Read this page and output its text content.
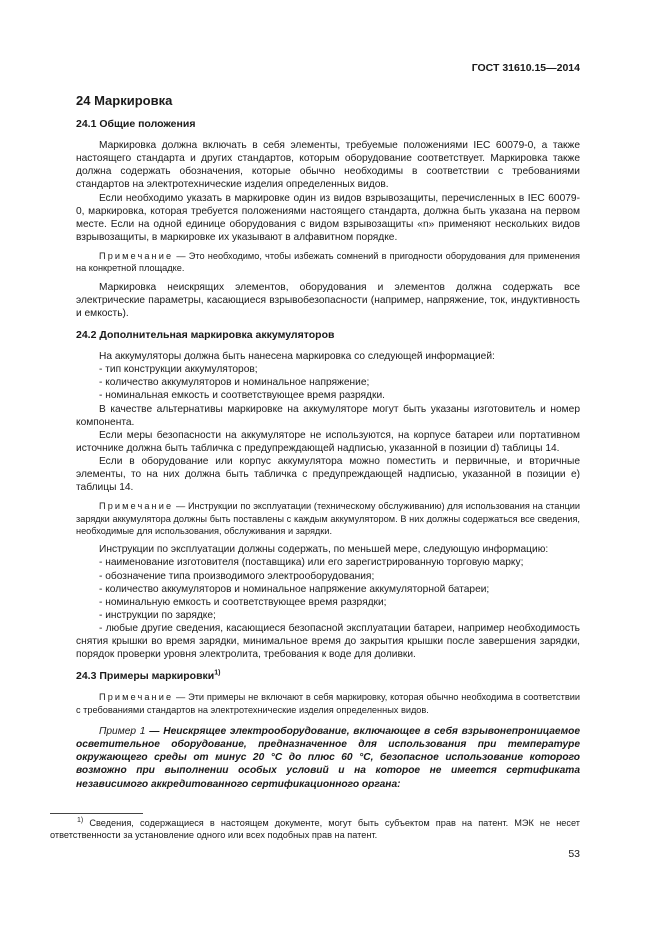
ГОСТ 31610.15—2014
24 Маркировка
24.1 Общие положения

Маркировка должна включать в себя элементы, требуемые положениями IEC 60079-0, а также настоящего стандарта и других стандартов, которым оборудование соответствует. Маркировка также должна содержать обозначения, которые обычно необходимы в соответствии с требованиями стандартов на электротехнические изделия определенных видов.

Если необходимо указать в маркировке один из видов взрывозащиты, перечисленных в IEC 60079-0, маркировка, которая требуется положениями настоящего стандарта, должна быть указана на первом месте. Если на одной единице оборудования с видом взрывозащиты «n» применяют нескольких видов взрывозащиты, в маркировке их указывают в алфавитном порядке.

Примечание — Это необходимо, чтобы избежать сомнений в пригодности оборудования для применения на конкретной площадке.

Маркировка неискрящих элементов, оборудования и элементов должна содержать все электрические параметры, касающиеся взрывобезопасности (например, напряжение, ток, индуктивность и емкость).

24.2 Дополнительная маркировка аккумуляторов

На аккумуляторы должна быть нанесена маркировка со следующей информацией:

- тип конструкции аккумуляторов;

- количество аккумуляторов и номинальное напряжение;

- номинальная емкость и соответствующее время разрядки.

В качестве альтернативы маркировке на аккумуляторе могут быть указаны изготовитель и номер компонента.

Если меры безопасности на аккумуляторе не используются, на корпусе батареи или портативном источнике должна быть табличка с предупреждающей надписью, указанной в позиции d) таблицы 14.

Если в оборудование или корпус аккумулятора можно поместить и первичные, и вторичные элементы, то на них должна быть табличка с предупреждающей надписью, указанной в позиции e) таблицы 14.

Примечание — Инструкции по эксплуатации (техническому обслуживанию) для использования на станции зарядки аккумулятора должны быть поставлены с каждым аккумулятором. В них должны содержаться все сведения, необходимые для использования, обслуживания и зарядки.

Инструкции по эксплуатации должны содержать, по меньшей мере, следующую информацию:

- наименование изготовителя (поставщика) или его зарегистрированную торговую марку;

- обозначение типа производимого электрооборудования;

- количество аккумуляторов и номинальное напряжение аккумуляторной батареи;

- номинальную емкость и соответствующее время разрядки;

- инструкции по зарядке;

- любые другие сведения, касающиеся безопасной эксплуатации батареи, например необходимость снятия крышки во время зарядки, минимальное время до закрытия крышки после завершения зарядки, порядок проверки уровня электролита, требования к воде для доливки.

24.3 Примеры маркировки$^{1)}$

Примечание — Эти примеры не включают в себя маркировку, которая обычно необходима в соответствии с требованиями стандартов на электротехнические изделия определенных видов.

Пример 1 — Неискрящее электрооборудование, включающее в себя взрывонепроницаемое осветительное оборудование, предназначенное для использования при температуре окружающего среды от минус 20 °С до плюс 60 °С, безопасное использование которого возможно при выполнении особых условий и на которое не имеется сертификата независимого аккредитованного сертификационного органа:

$^{1)}$ Сведения, содержащиеся в настоящем документе, могут быть субъектом прав на патент. МЭК не несет ответственности за установление одного или всех подобных прав на патент.
53
